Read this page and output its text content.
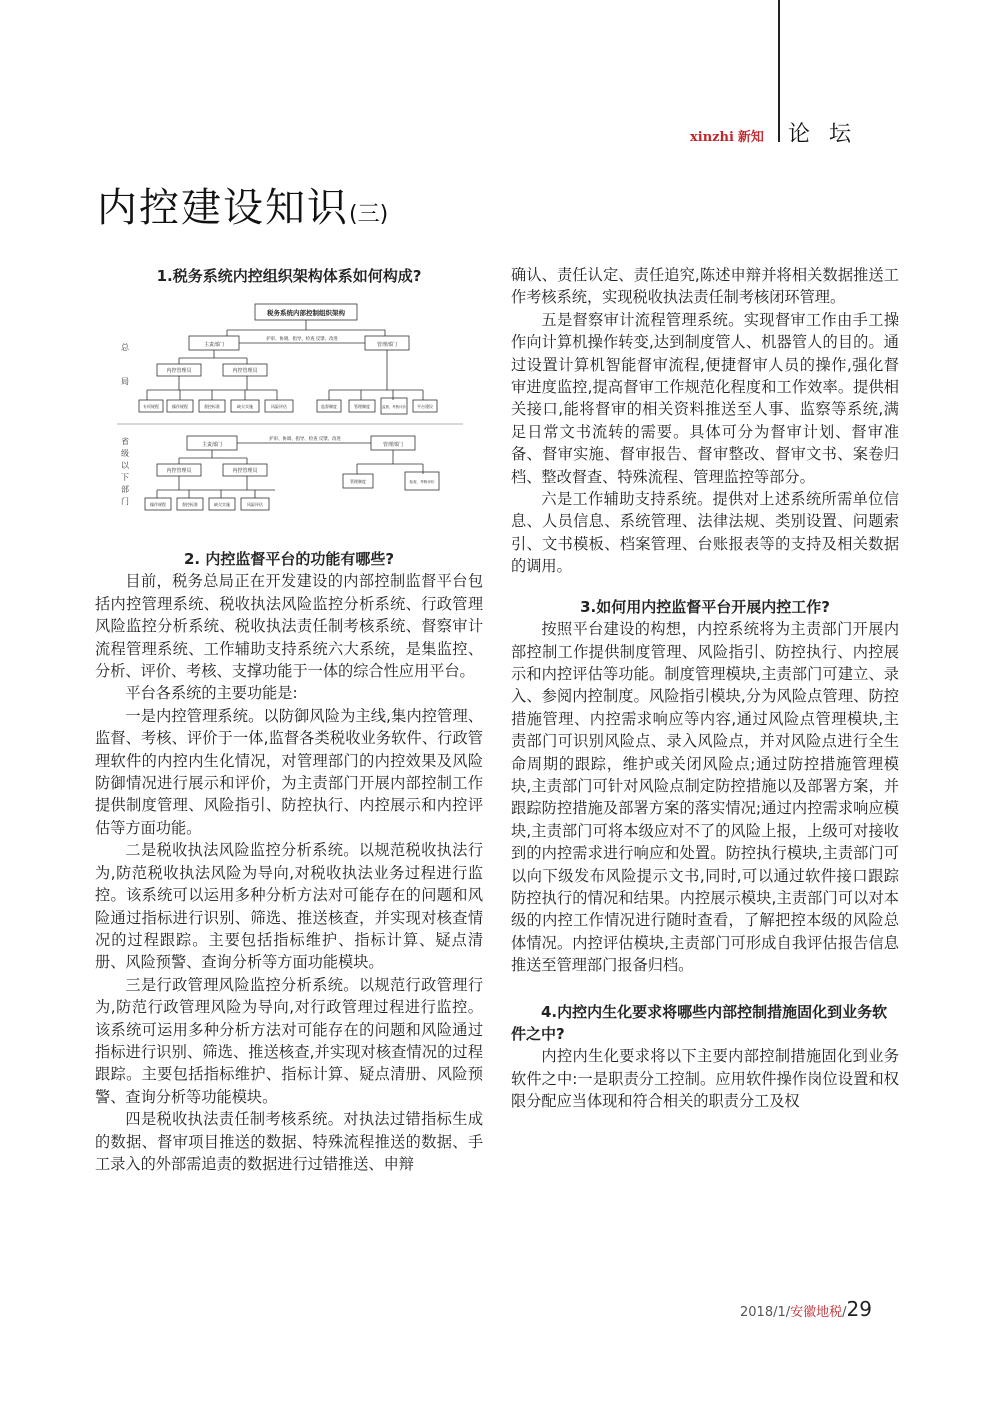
xinzhi 新知 论 坛
内控建设知识(三)
1.税务系统内控组织架构体系如何构成?
税务系统内部控制组织架构
主责部门	管理部门
护审、协调、指导、检查 反馈、改进
内控管理员	内控管理员
专项规程	操作规程	督控标准	缺欠实施	风险评估	监督制度	管理制度	监督、考核评价	平台建设
主责部门	管理部门
护审、协调、指导、检查 反馈、改进
内控管理员	内控管理员
操作规程	督控标准	缺欠实施	风险评估
管理制度	检查、考核评价
总
局
省
级
以
下
部
门
2. 内控监督平台的功能有哪些?

目前，税务总局正在开发建设的内部控制监督平台包括内控管理系统、税收执法风险监控分析系统、行政管理风险监控分析系统、税收执法责任制考核系统、督察审计流程管理系统、工作辅助支持系统六大系统，是集监控、分析、评价、考核、支撑功能于一体的综合性应用平台。

平台各系统的主要功能是:

一是内控管理系统。以防御风险为主线,集内控管理、监督、考核、评价于一体,监督各类税收业务软件、行政管理软件的内控内生化情况，对管理部门的内控效果及风险防御情况进行展示和评价，为主责部门开展内部控制工作提供制度管理、风险指引、防控执行、内控展示和内控评估等方面功能。

二是税收执法风险监控分析系统。以规范税收执法行为,防范税收执法风险为导向,对税收执法业务过程进行监控。该系统可以运用多种分析方法对可能存在的问题和风险通过指标进行识别、筛选、推送核查，并实现对核查情况的过程跟踪。主要包括指标维护、指标计算、疑点清册、风险预警、查询分析等方面功能模块。

三是行政管理风险监控分析系统。以规范行政管理行为,防范行政管理风险为导向,对行政管理过程进行监控。该系统可运用多种分析方法对可能存在的问题和风险通过指标进行识别、筛选、推送核查,并实现对核查情况的过程跟踪。主要包括指标维护、指标计算、疑点清册、风险预警、查询分析等功能模块。

四是税收执法责任制考核系统。对执法过错指标生成的数据、督审项目推送的数据、特殊流程推送的数据、手工录入的外部需追责的数据进行过错推送、申辩

确认、责任认定、责任追究,陈述申辩并将相关数据推送工作考核系统，实现税收执法责任制考核闭环管理。

五是督察审计流程管理系统。实现督审工作由手工操作向计算机操作转变,达到制度管人、机器管人的目的。通过设置计算机智能督审流程,便捷督审人员的操作,强化督审进度监控,提高督审工作规范化程度和工作效率。提供相关接口,能将督审的相关资料推送至人事、监察等系统,满足日常文书流转的需要。具体可分为督审计划、督审准备、督审实施、督审报告、督审整改、督审文书、案卷归档、整改督查、特殊流程、管理监控等部分。

六是工作辅助支持系统。提供对上述系统所需单位信息、人员信息、系统管理、法律法规、类别设置、问题索引、文书模板、档案管理、台账报表等的支持及相关数据的调用。

3.如何用内控监督平台开展内控工作?

按照平台建设的构想，内控系统将为主责部门开展内部控制工作提供制度管理、风险指引、防控执行、内控展示和内控评估等功能。制度管理模块,主责部门可建立、录入、参阅内控制度。风险指引模块,分为风险点管理、防控措施管理、内控需求响应等内容,通过风险点管理模块,主责部门可识别风险点、录入风险点，并对风险点进行全生命周期的跟踪，维护或关闭风险点;通过防控措施管理模块,主责部门可针对风险点制定防控措施以及部署方案，并跟踪防控措施及部署方案的落实情况;通过内控需求响应模块,主责部门可将本级应对不了的风险上报，上级可对接收到的内控需求进行响应和处置。防控执行模块,主责部门可以向下级发布风险提示文书,同时,可以通过软件接口跟踪防控执行的情况和结果。内控展示模块,主责部门可以对本级的内控工作情况进行随时查看，了解把控本级的风险总体情况。内控评估模块,主责部门可形成自我评估报告信息推送至管理部门报备归档。

4.内控内生化要求将哪些内部控制措施固化到业务软件之中?

内控内生化要求将以下主要内部控制措施固化到业务软件之中:一是职责分工控制。应用软件操作岗位设置和权限分配应当体现和符合相关的职责分工及权

2018/1/安徽地税/29
